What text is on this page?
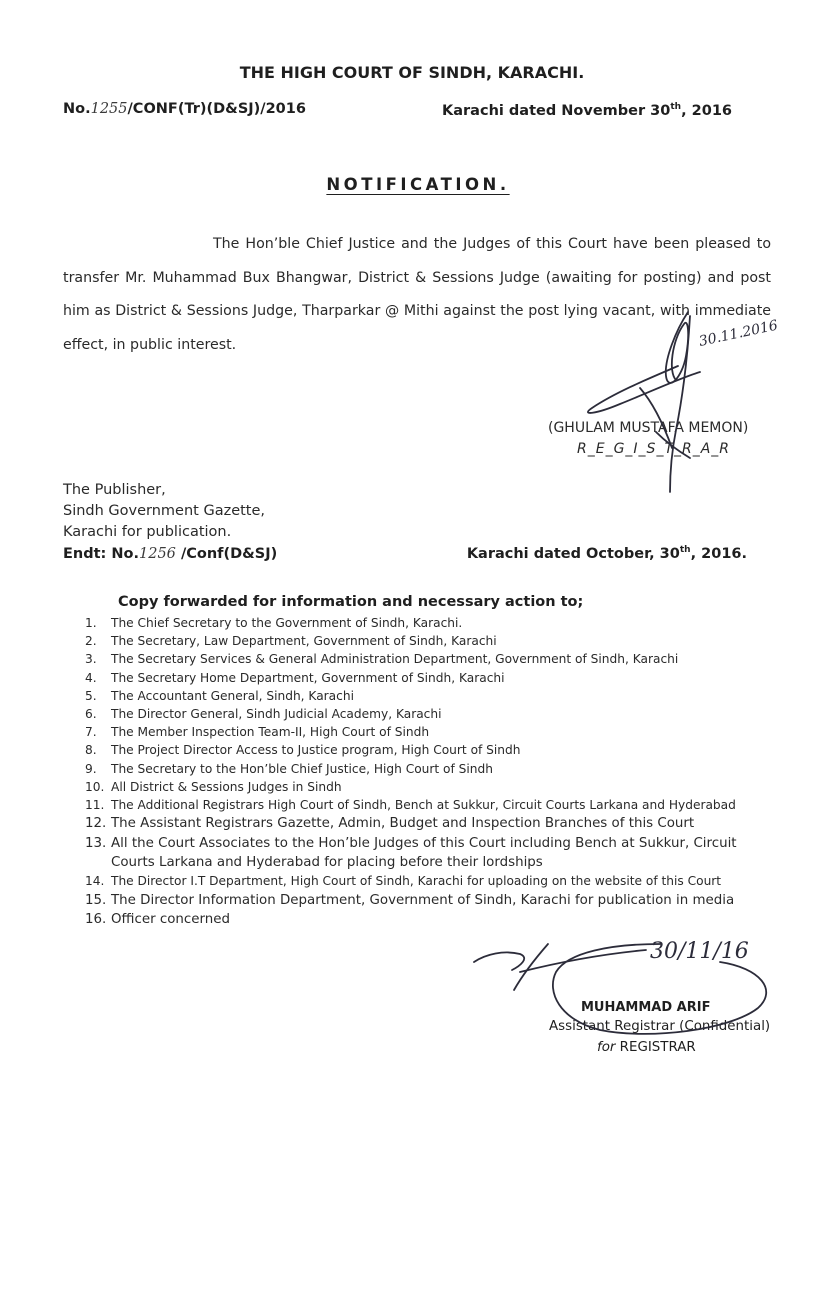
THE HIGH COURT OF SINDH, KARACHI.
No.1255/CONF(Tr)(D&SJ)/2016	Karachi dated November 30th, 2016
NOTIFICATION.
The Hon’ble Chief Justice and the Judges of this Court have been pleased to transfer Mr. Muhammad Bux Bhangwar, District & Sessions Judge (awaiting for posting) and post him as District & Sessions Judge, Tharparkar @ Mithi against the post lying vacant, with immediate effect, in public interest.
(GHULAM MUSTAFA MEMON)
R_E_G_I_S_T_R_A_R
The Publisher,
Sindh Government Gazette,
Karachi for publication.
Endt: No.1256 /Conf(D&SJ)	Karachi dated October, 30th, 2016.
Copy forwarded for information and necessary action to;
1.	The Chief Secretary to the Government of Sindh, Karachi.
2.	The Secretary, Law Department, Government of Sindh, Karachi
3.	The Secretary Services & General Administration Department, Government of Sindh, Karachi
4.	The Secretary Home Department, Government of Sindh, Karachi
5.	The Accountant General, Sindh, Karachi
6.	The Director General, Sindh Judicial Academy, Karachi
7.	The Member Inspection Team-II, High Court of Sindh
8.	The Project Director Access to Justice program, High Court of Sindh
9.	The Secretary to the Hon’ble Chief Justice, High Court of Sindh
10. All District & Sessions Judges in Sindh
11. The Additional Registrars High Court of Sindh, Bench at Sukkur, Circuit Courts Larkana and Hyderabad
12. The Assistant Registrars Gazette, Admin, Budget and Inspection Branches of this Court
13. All the Court Associates to the Hon’ble Judges of this Court including Bench at Sukkur, Circuit Courts Larkana and Hyderabad for placing before their lordships
14. The Director I.T Department, High Court of Sindh, Karachi for uploading on the website of this Court
15. The Director Information Department, Government of Sindh, Karachi for publication in media
16. Officer concerned
MUHAMMAD ARIF
Assistant Registrar (Confidential)
for REGISTRAR
30.11.2016
30/11/16
